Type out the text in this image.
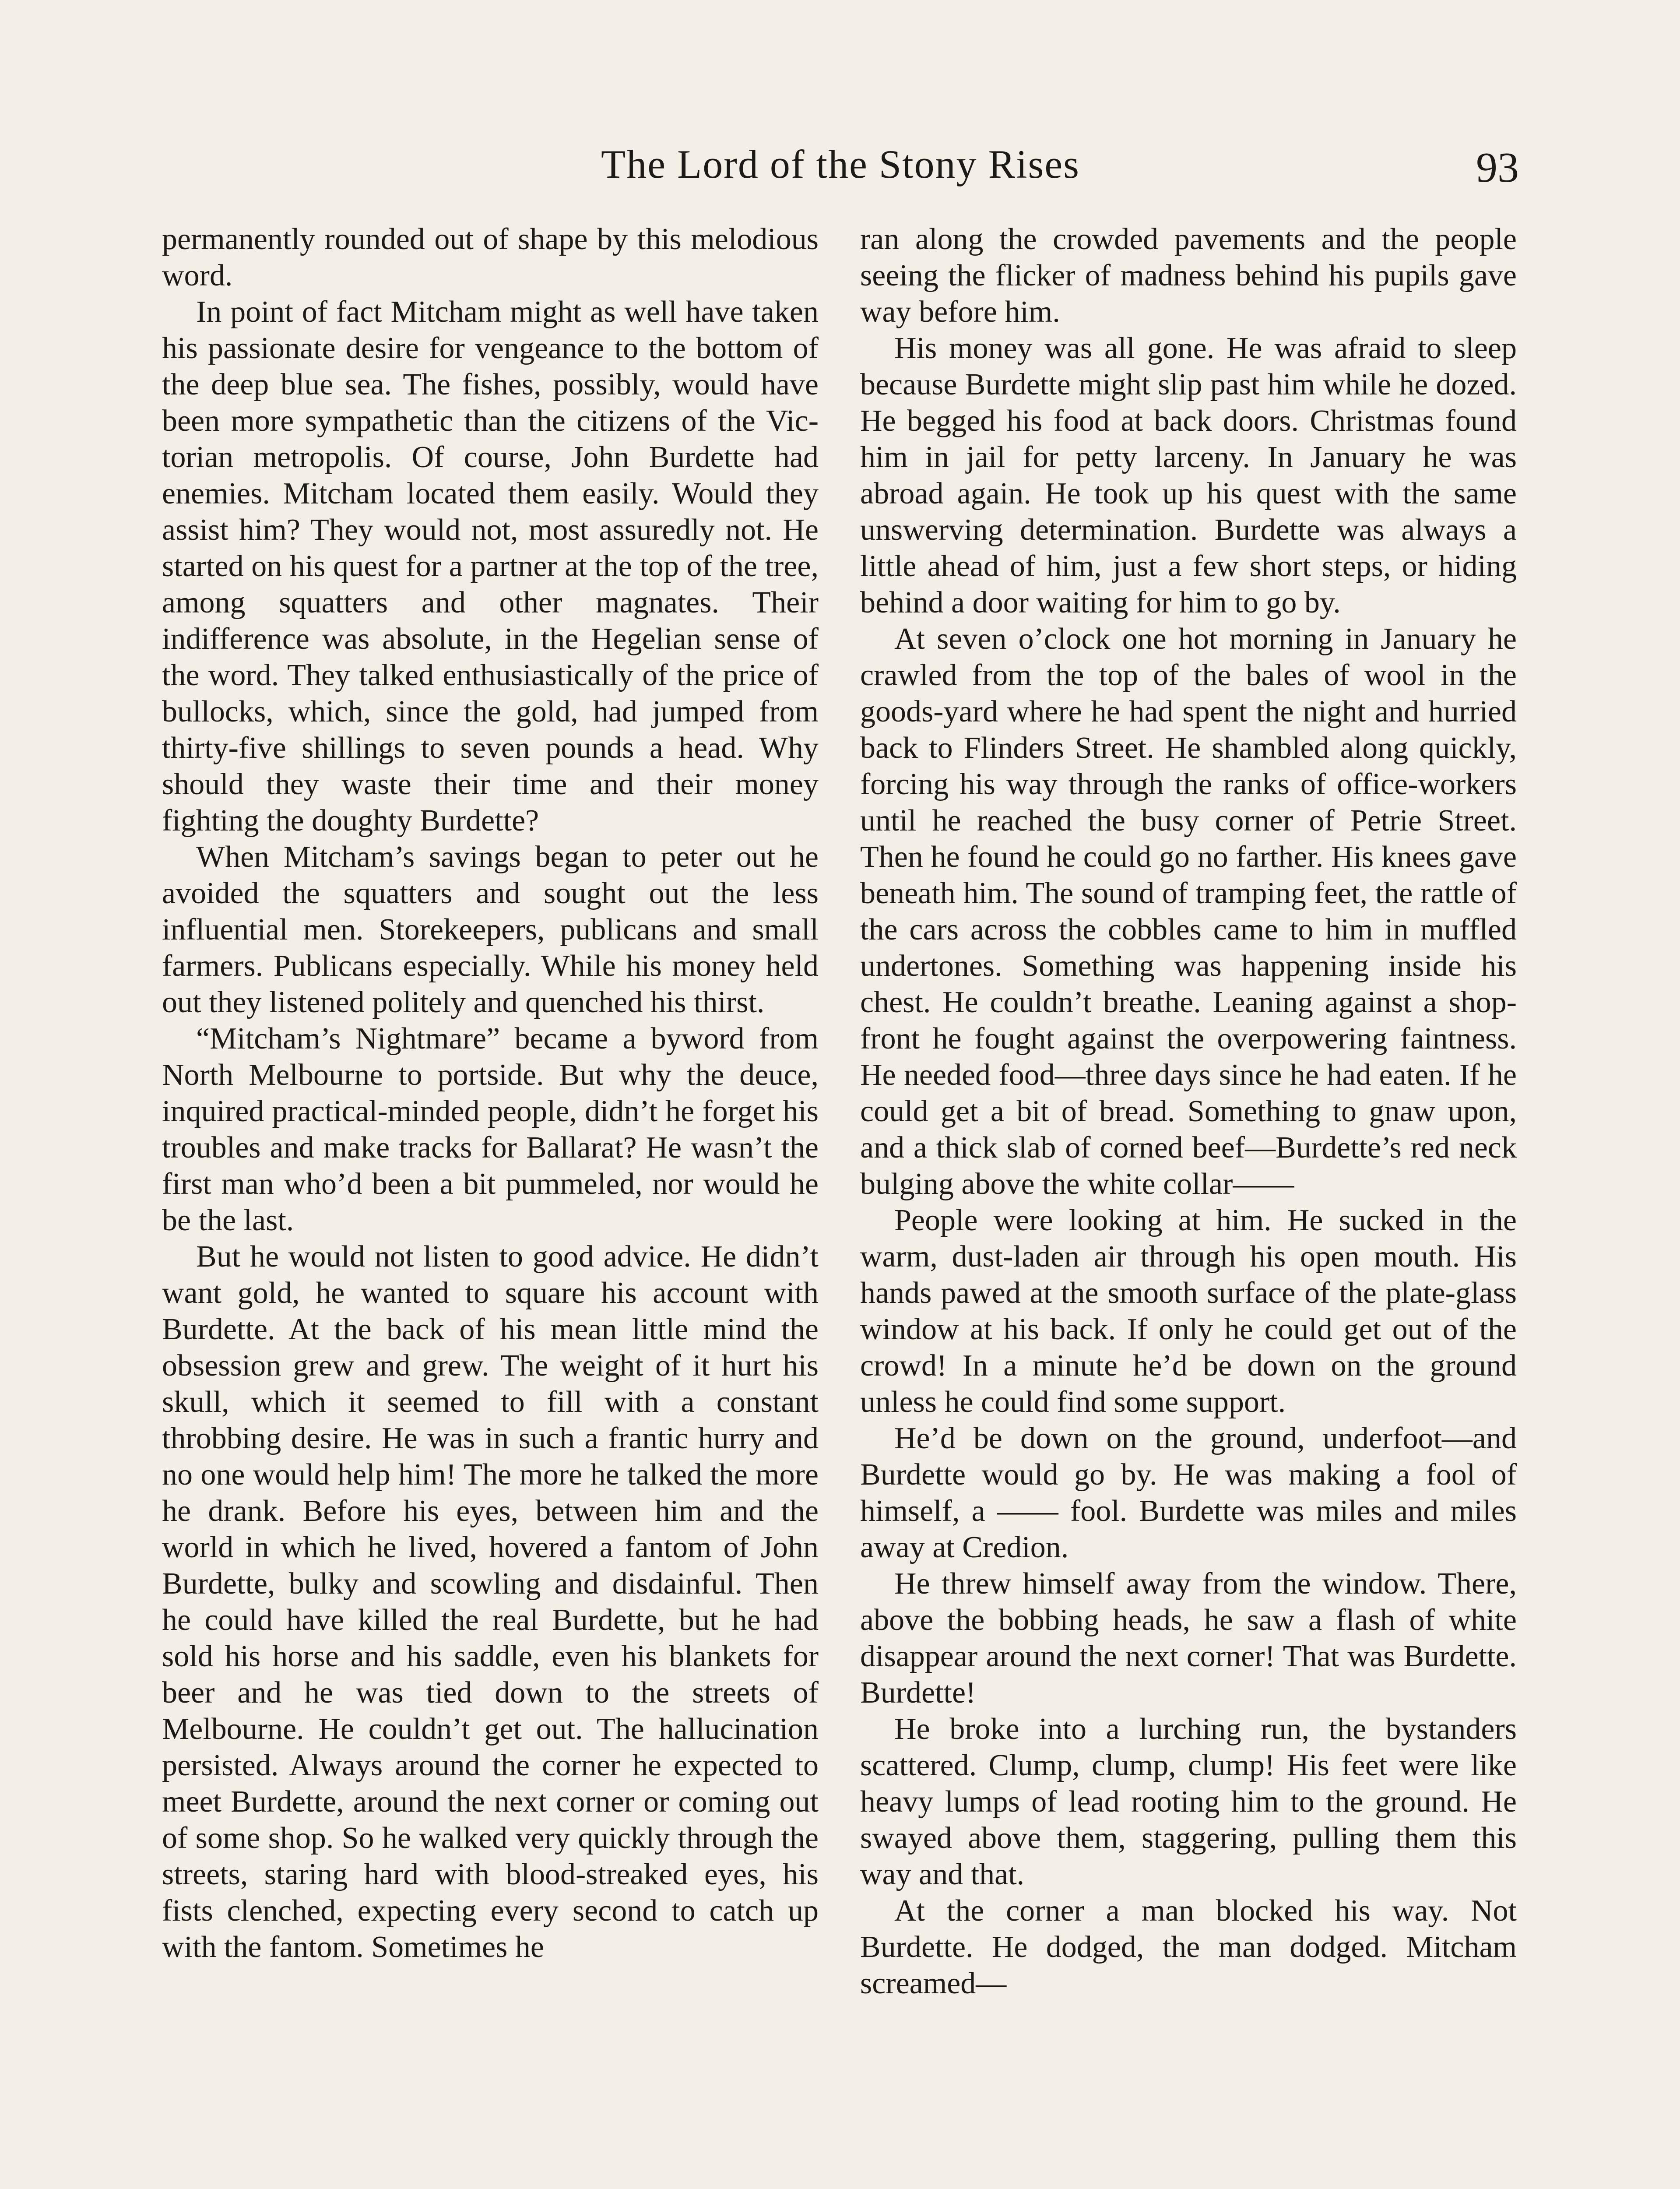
The Lord of the Stony Rises	93

permanently rounded out of shape by this melodious word.

In point of fact Mitcham might as well have taken his passionate desire for vengeance to the bottom of the deep blue sea. The fishes, possibly, would have been more sympathetic than the citizens of the Victorian metropolis. Of course, John Burdette had enemies. Mitcham located them easily. Would they assist him? They would not, most assuredly not. He started on his quest for a partner at the top of the tree, among squatters and other magnates. Their indifference was absolute, in the Hegelian sense of the word. They talked enthusiastically of the price of bullocks, which, since the gold, had jumped from thirty-five shillings to seven pounds a head. Why should they waste their time and their money fighting the doughty Burdette?

When Mitcham’s savings began to peter out he avoided the squatters and sought out the less influential men. Storekeepers, publicans and small farmers. Publicans especially. While his money held out they listened politely and quenched his thirst.

“Mitcham’s Nightmare” became a byword from North Melbourne to portside. But why the deuce, inquired practical-minded people, didn’t he forget his troubles and make tracks for Ballarat? He wasn’t the first man who’d been a bit pummeled, nor would he be the last.

But he would not listen to good advice. He didn’t want gold, he wanted to square his account with Burdette. At the back of his mean little mind the obsession grew and grew. The weight of it hurt his skull, which it seemed to fill with a constant throbbing desire. He was in such a frantic hurry and no one would help him! The more he talked the more he drank. Before his eyes, between him and the world in which he lived, hovered a fantom of John Burdette, bulky and scowling and disdainful. Then he could have killed the real Burdette, but he had sold his horse and his saddle, even his blankets for beer and he was tied down to the streets of Melbourne. He couldn’t get out. The hallucination persisted. Always around the corner he expected to meet Burdette, around the next corner or coming out of some shop. So he walked very quickly through the streets, staring hard with blood-streaked eyes, his fists clenched, expecting every second to catch up with the fantom. Sometimes he

ran along the crowded pavements and the people seeing the flicker of madness behind his pupils gave way before him.

His money was all gone. He was afraid to sleep because Burdette might slip past him while he dozed. He begged his food at back doors. Christmas found him in jail for petty larceny. In January he was abroad again. He took up his quest with the same unswerving determination. Burdette was always a little ahead of him, just a few short steps, or hiding behind a door waiting for him to go by.

At seven o’clock one hot morning in January he crawled from the top of the bales of wool in the goods-yard where he had spent the night and hurried back to Flinders Street. He shambled along quickly, forcing his way through the ranks of office-workers until he reached the busy corner of Petrie Street. Then he found he could go no farther. His knees gave beneath him. The sound of tramping feet, the rattle of the cars across the cobbles came to him in muffled undertones. Something was happening inside his chest. He couldn’t breathe. Leaning against a shop-front he fought against the overpowering faintness. He needed food—three days since he had eaten. If he could get a bit of bread. Something to gnaw upon, and a thick slab of corned beef—Burdette’s red neck bulging above the white collar——

People were looking at him. He sucked in the warm, dust-laden air through his open mouth. His hands pawed at the smooth surface of the plate-glass window at his back. If only he could get out of the crowd! In a minute he’d be down on the ground unless he could find some support.

He’d be down on the ground, underfoot—and Burdette would go by. He was making a fool of himself, a —— fool. Burdette was miles and miles away at Credion.

He threw himself away from the window. There, above the bobbing heads, he saw a flash of white disappear around the next corner! That was Burdette. Burdette!

He broke into a lurching run, the bystanders scattered. Clump, clump, clump! His feet were like heavy lumps of lead rooting him to the ground. He swayed above them, staggering, pulling them this way and that.

At the corner a man blocked his way. Not Burdette. He dodged, the man dodged. Mitcham screamed—
